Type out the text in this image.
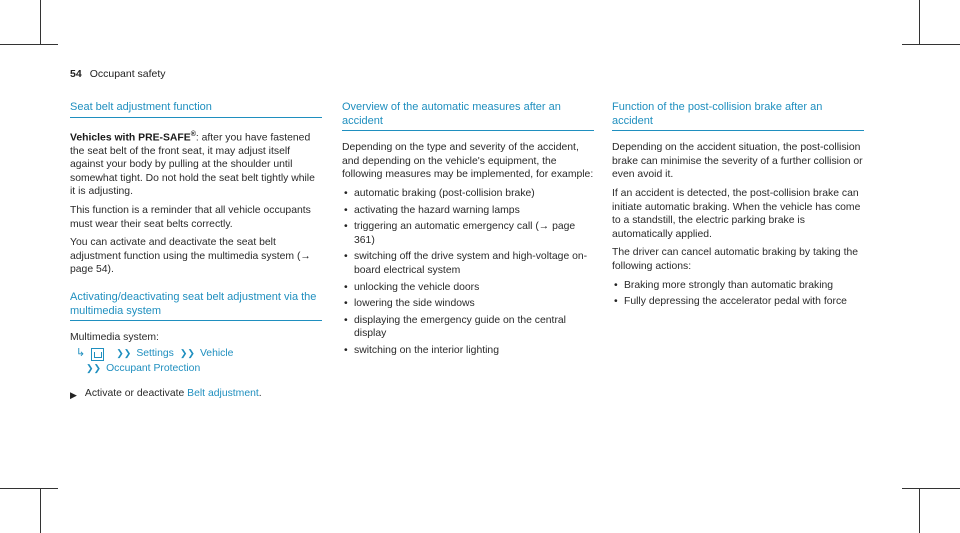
54 Occupant safety
Seat belt adjustment function

Vehicles with PRE-SAFE®: after you have fastened the seat belt of the front seat, it may adjust itself against your body by pulling at the shoulder until somewhat tight. Do not hold the seat belt tightly while it is adjusting.

This function is a reminder that all vehicle occupants must wear their seat belts correctly.

You can activate and deactivate the seat belt adjustment function using the multimedia system (→ page 54).

Activating/deactivating seat belt adjustment via the multimedia system

Multimedia system:

↳	❯❯ Settings ❯❯ Vehicle
❯❯ Occupant Protection
▶ Activate or deactivate Belt adjustment.
Overview of the automatic measures after an accident

Depending on the type and severity of the accident, and depending on the vehicle's equipment, the following measures may be implemented, for example:

• automatic braking (post-collision brake)
• activating the hazard warning lamps
• triggering an automatic emergency call (→ page 361)
• switching off the drive system and high-voltage on-board electrical system
• unlocking the vehicle doors
• lowering the side windows
• displaying the emergency guide on the central display
• switching on the interior lighting
Function of the post-collision brake after an accident

Depending on the accident situation, the post-collision brake can minimise the severity of a further collision or even avoid it.

If an accident is detected, the post-collision brake can initiate automatic braking. When the vehicle has come to a standstill, the electric parking brake is automatically applied.

The driver can cancel automatic braking by taking the following actions:

• Braking more strongly than automatic braking
• Fully depressing the accelerator pedal with force
